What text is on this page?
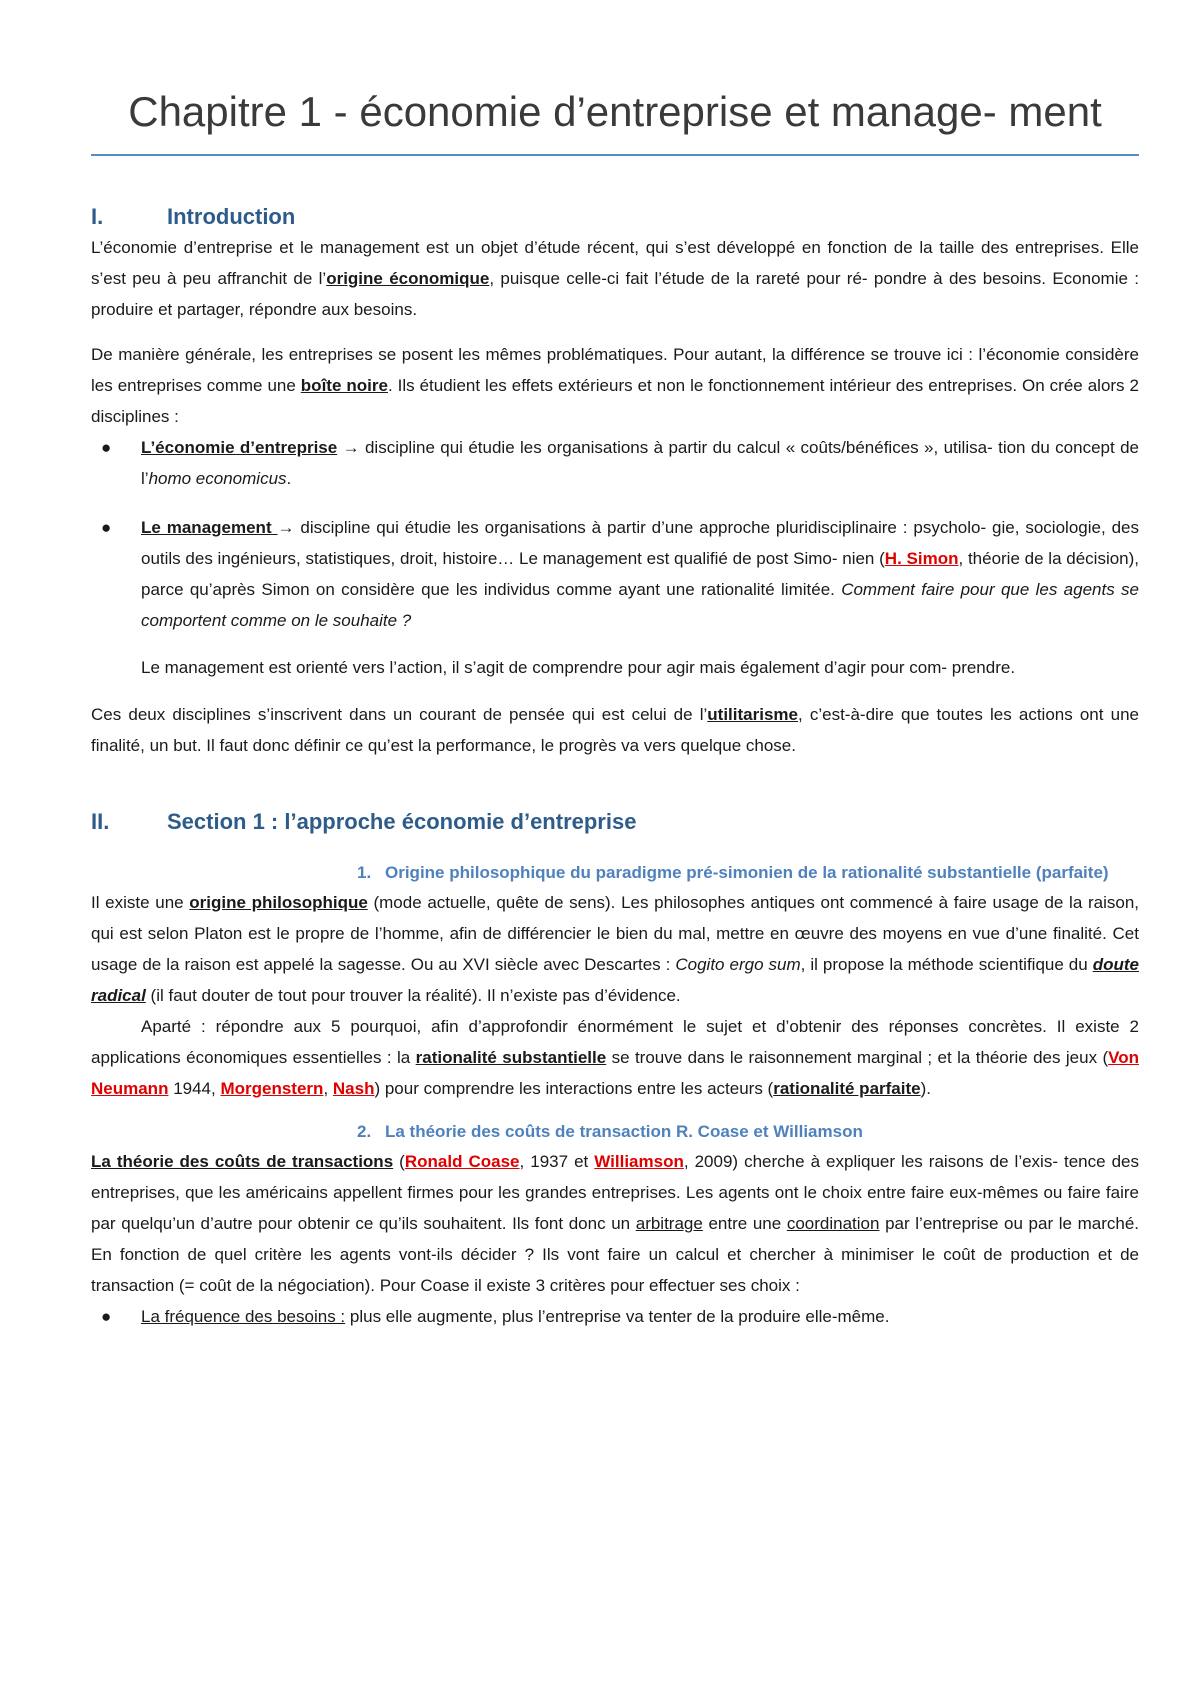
Chapitre 1 - économie d’entreprise et manage- ment
I.	Introduction

L’économie d’entreprise et le management est un objet d’étude récent, qui s’est développé en fonction de la taille des entreprises. Elle s’est peu à peu affranchit de l’origine économique, puisque celle-ci fait l’étude de la rareté pour ré- pondre à des besoins. Economie : produire et partager, répondre aux besoins.

De manière générale, les entreprises se posent les mêmes problématiques. Pour autant, la différence se trouve ici : l’économie considère les entreprises comme une boîte noire. Ils étudient les effets extérieurs et non le fonctionnement intérieur des entreprises. On crée alors 2 disciplines :

● L’économie d’entreprise → discipline qui étudie les organisations à partir du calcul « coûts/bénéfices », utilisa- tion du concept de l’homo economicus.
● Le management → discipline qui étudie les organisations à partir d’une approche pluridisciplinaire : psycholo- gie, sociologie, des outils des ingénieurs, statistiques, droit, histoire… Le management est qualifié de post Simo- nien (H. Simon, théorie de la décision), parce qu’après Simon on considère que les individus comme ayant une rationalité limitée. Comment faire pour que les agents se comportent comme on le souhaite ?

Le management est orienté vers l’action, il s’agit de comprendre pour agir mais également d’agir pour com- prendre.

Ces deux disciplines s’inscrivent dans un courant de pensée qui est celui de l’utilitarisme, c’est-à-dire que toutes les actions ont une finalité, un but. Il faut donc définir ce qu’est la performance, le progrès va vers quelque chose.

II.	Section 1 : l’approche économie d’entreprise
1. Origine philosophique du paradigme pré-simonien de la rationalité substantielle (parfaite)

Il existe une origine philosophique (mode actuelle, quête de sens). Les philosophes antiques ont commencé à faire usage de la raison, qui est selon Platon est le propre de l’homme, afin de différencier le bien du mal, mettre en œuvre des moyens en vue d’une finalité. Cet usage de la raison est appelé la sagesse. Ou au XVI siècle avec Descartes : Cogito ergo sum, il propose la méthode scientifique du doute radical (il faut douter de tout pour trouver la réalité). Il n’existe pas d’évidence.

Aparté : répondre aux 5 pourquoi, afin d’approfondir énormément le sujet et d’obtenir des réponses concrètes. Il existe 2 applications économiques essentielles : la rationalité substantielle se trouve dans le raisonnement marginal ; et la théorie des jeux (Von Neumann 1944, Morgenstern, Nash) pour comprendre les interactions entre les acteurs (rationalité parfaite).

2. La théorie des coûts de transaction R. Coase et Williamson

La théorie des coûts de transactions (Ronald Coase, 1937 et Williamson, 2009) cherche à expliquer les raisons de l’exis- tence des entreprises, que les américains appellent firmes pour les grandes entreprises. Les agents ont le choix entre faire eux-mêmes ou faire faire par quelqu’un d’autre pour obtenir ce qu’ils souhaitent. Ils font donc un arbitrage entre une coordination par l’entreprise ou par le marché. En fonction de quel critère les agents vont-ils décider ? Ils vont faire un calcul et chercher à minimiser le coût de production et de transaction (= coût de la négociation). Pour Coase il existe 3 critères pour effectuer ses choix :

● La fréquence des besoins : plus elle augmente, plus l’entreprise va tenter de la produire elle-même.
